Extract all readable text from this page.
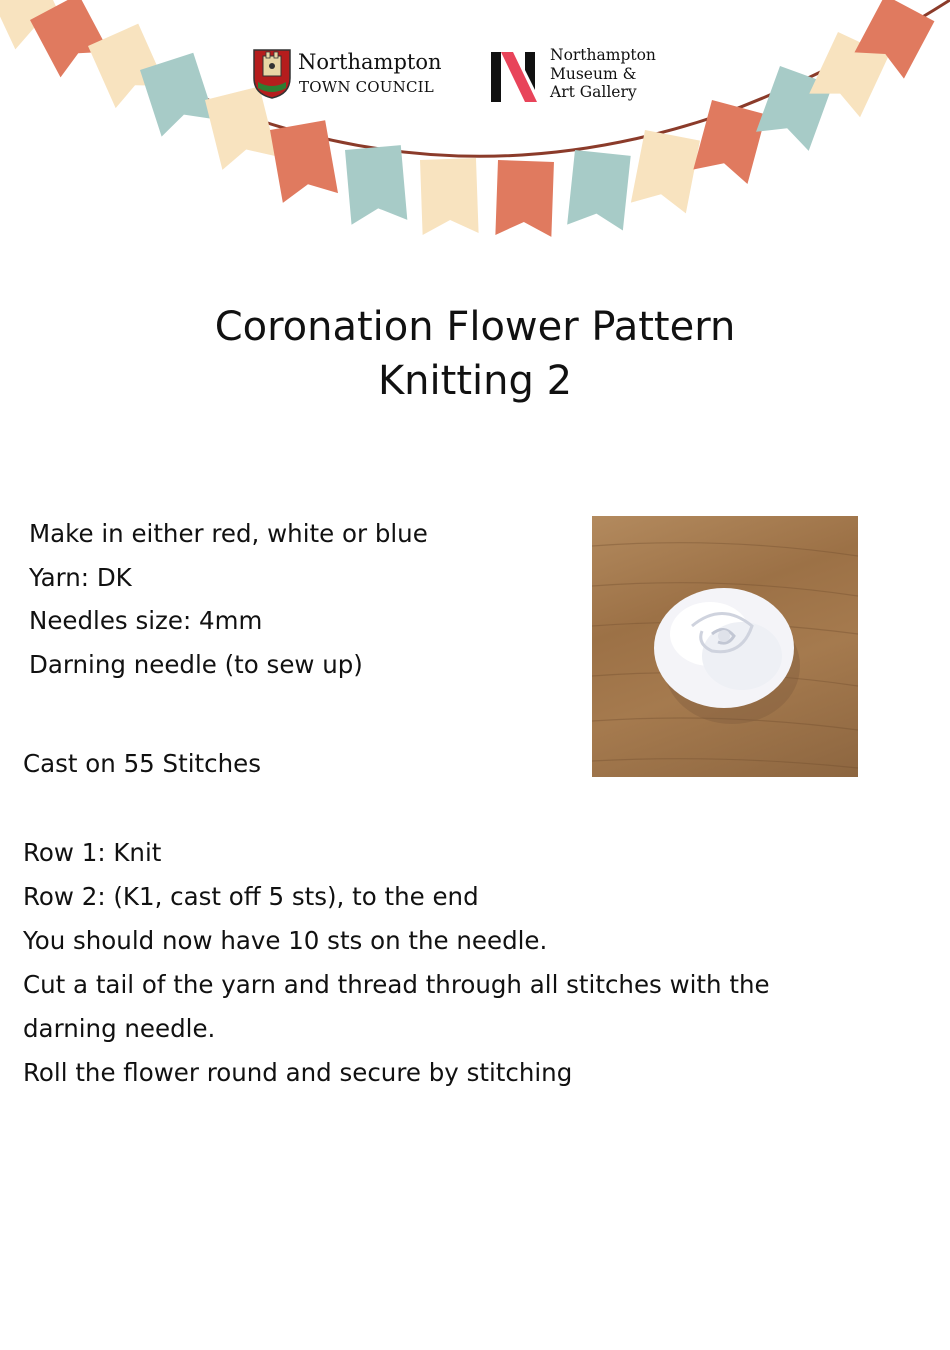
Northampton
TOWN COUNCIL
Northampton
Museum &
Art Gallery
Coronation Flower Pattern
Knitting 2
Make in either red, white or blue
Yarn: DK
Needles size: 4mm
Darning needle (to sew up)
Cast on 55 Stitches
Row 1: Knit
Row 2: (K1, cast off 5 sts), to the end
You should now have 10 sts on the needle.
Cut a tail of the yarn and thread through all stitches with the
darning needle.
Roll the flower round and secure by stitching
